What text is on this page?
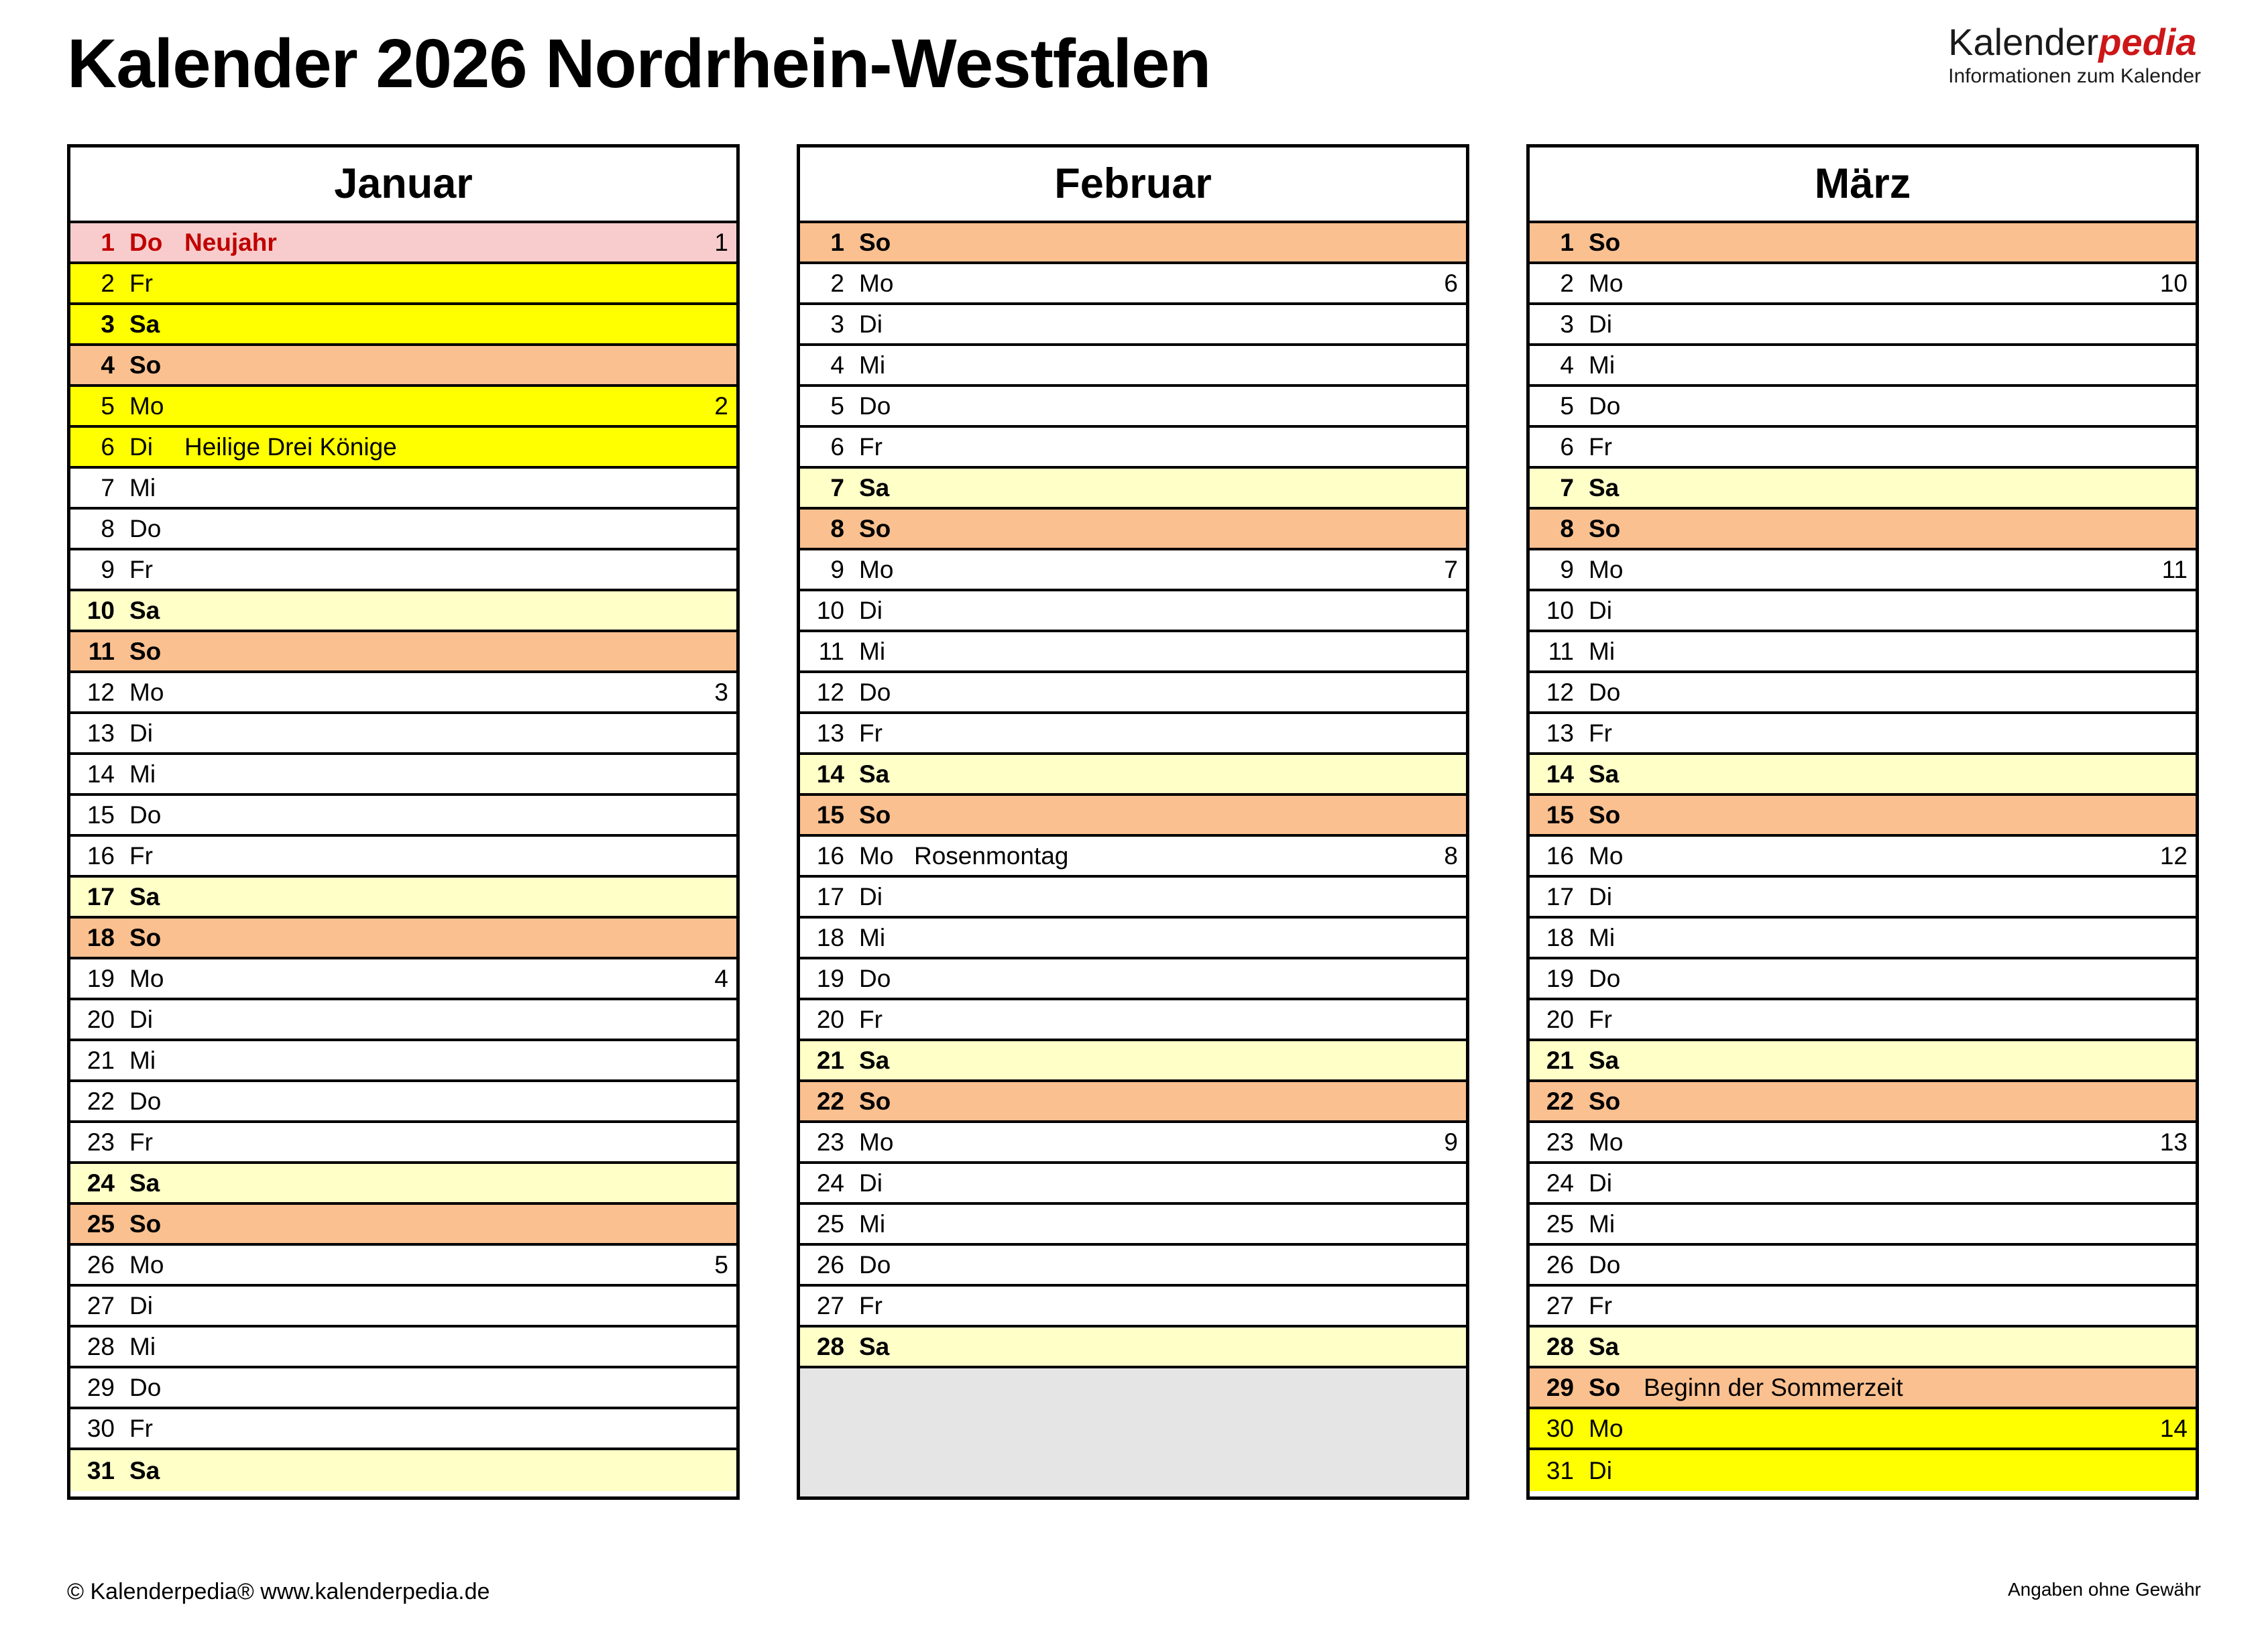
Kalender 2026 Nordrhein-Westfalen	Kalenderpedia
Informationen zum Kalender
Januar
1 Do Neujahr	1
2 Fr
3 Sa
4 So
5 Mo	2
6 Di	Heilige Drei Könige
7 Mi
8 Do
9 Fr
10 Sa
11 So
12 Mo	3
13 Di
14 Mi
15 Do
16 Fr
17 Sa
18 So
19 Mo	4
20 Di
21 Mi
22 Do
23 Fr
24 Sa
25 So
26 Mo	5
27 Di
28 Mi
29 Do
30 Fr
31 Sa
Februar
1 So
2 Mo	6
3 Di
4 Mi
5 Do
6 Fr
7 Sa
8 So
9 Mo	7
10 Di
11 Mi
12 Do
13 Fr
14 Sa
15 So
16 Mo Rosenmontag	8
17 Di
18 Mi
19 Do
20 Fr
21 Sa
22 So
23 Mo	9
24 Di
25 Mi
26 Do
27 Fr
28 Sa
März
1 So
2 Mo	10
3 Di
4 Mi
5 Do
6 Fr
7 Sa
8 So
9 Mo	11
10 Di
11 Mi
12 Do
13 Fr
14 Sa
15 So
16 Mo	12
17 Di
18 Mi
19 Do
20 Fr
21 Sa
22 So
23 Mo	13
24 Di
25 Mi
26 Do
27 Fr
28 Sa
29 So Beginn der Sommerzeit
30 Mo	14
31 Di
© Kalenderpedia® www.kalenderpedia.de	Angaben ohne Gewähr
